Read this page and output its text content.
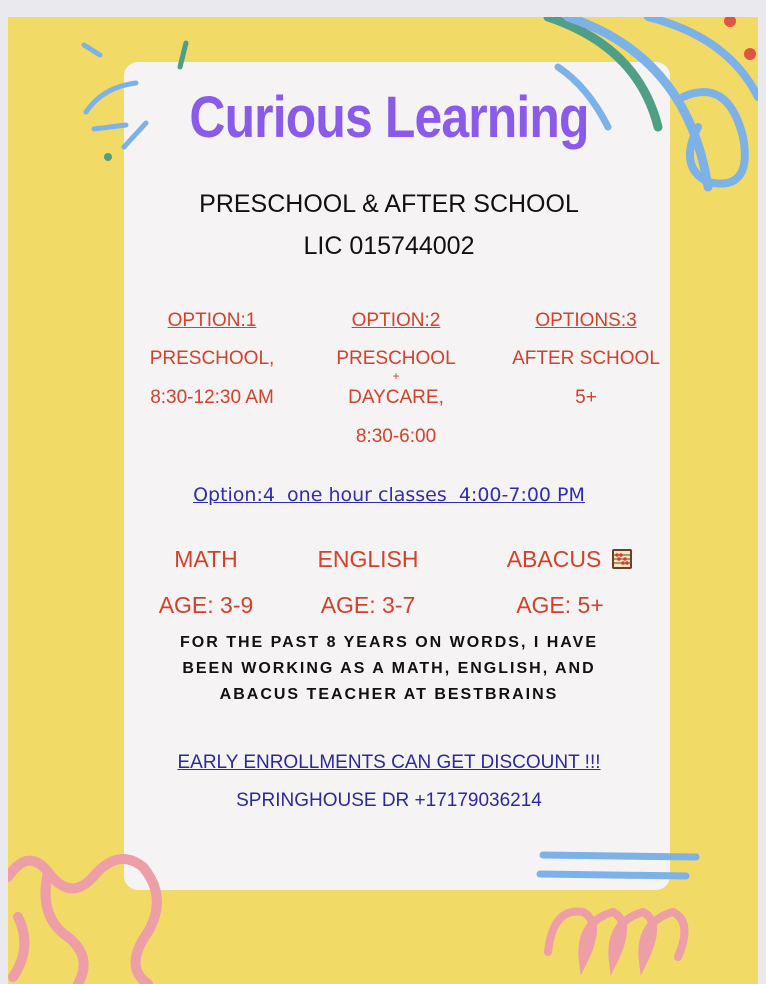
Curious Learning
PRESCHOOL & AFTER SCHOOL
LIC 015744002
OPTION:1
PRESCHOOL,
8:30-12:30 AM
OPTION:2
PRESCHOOL
+
DAYCARE,
8:30-6:00
OPTIONS:3
AFTER SCHOOL
5+
Option:4  one hour classes  4:00-7:00 PM
MATH
AGE: 3-9
ENGLISH
AGE: 3-7
ABACUS
AGE: 5+
FOR THE PAST 8 YEARS ON WORDS, I HAVE
BEEN WORKING AS A MATH, ENGLISH, AND
ABACUS TEACHER AT BESTBRAINS
EARLY ENROLLMENTS CAN GET DISCOUNT !!!
SPRINGHOUSE DR +17179036214
